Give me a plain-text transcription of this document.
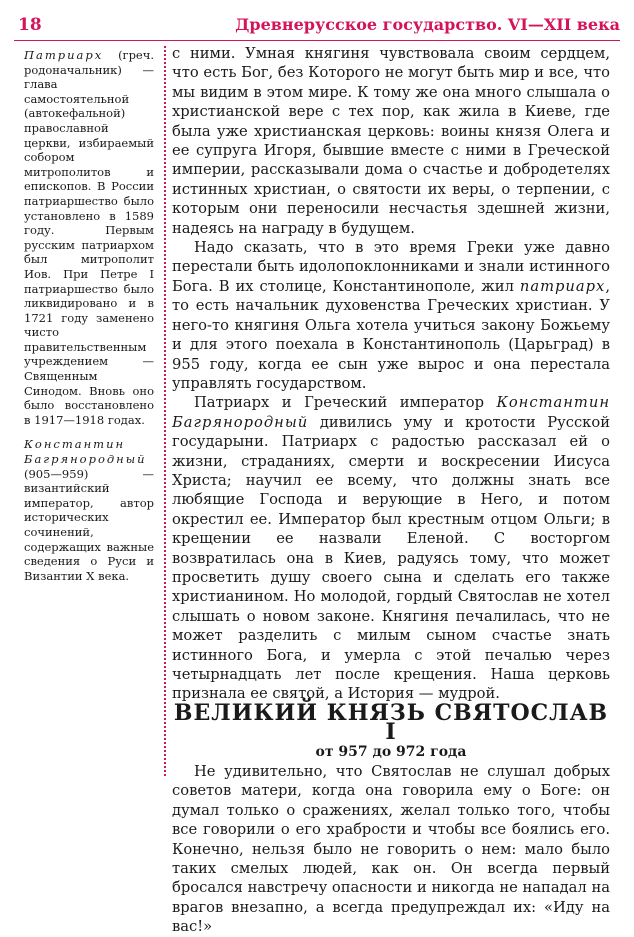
18	Древнерусское государство. VI—XII века

Патриарх (греч. родоначальник) — глава самостоятельной (автокефальной) православной церкви, избираемый собором митрополитов и епископов. В России патриаршество было установлено в 1589 году. Первым русским патриархом был митрополит Иов. При Петре I патриаршество было ликвидировано и в 1721 году заменено чисто правительственным учреждением — Священным Синодом. Вновь оно было восстановлено в 1917—1918 годах.

Константин Багрянородный (905—959) — византийский император, автор исторических сочинений, содержащих важные сведения о Руси и Византии X века.

с ними. Умная княгиня чувствовала своим сердцем, что есть Бог, без Которого не могут быть мир и все, что мы видим в этом мире. К тому же она много слышала о христианской вере с тех пор, как жила в Киеве, где была уже христианская церковь: воины князя Олега и ее супруга Игоря, бывшие вместе с ними в Греческой империи, рассказывали дома о счастье и добродетелях истинных христиан, о святости их веры, о терпении, с которым они переносили несчастья здешней жизни, надеясь на награду в будущем.

Надо сказать, что в это время Греки уже давно перестали быть идолопоклонниками и знали истинного Бога. В их столице, Константинополе, жил патриарх, то есть начальник духовенства Греческих христиан. У него-то княгиня Ольга хотела учиться закону Божьему и для этого поехала в Константинополь (Царьград) в 955 году, когда ее сын уже вырос и она перестала управлять государством.

Патриарх и Греческий император Константин Багрянородный дивились уму и кротости Русской государыни. Патриарх с радостью рассказал ей о жизни, страданиях, смерти и воскресении Иисуса Христа; научил ее всему, что должны знать все любящие Господа и верующие в Него, и потом окрестил ее. Император был крестным отцом Ольги; в крещении ее назвали Еленой. С восторгом возвратилась она в Киев, радуясь тому, что может просветить душу своего сына и сделать его также христианином. Но молодой, гордый Святослав не хотел слышать о новом законе. Княгиня печалилась, что не может разделить с милым сыном счастье знать истинного Бога, и умерла с этой печалью через четырнадцать лет после крещения. Наша церковь признала ее святой, а История — мудрой.

ВЕЛИКИЙ КНЯЗЬ СВЯТОСЛАВ I

от 957 до 972 года

Не удивительно, что Святослав не слушал добрых советов матери, когда она говорила ему о Боге: он думал только о сражениях, желал только того, чтобы все говорили о его храбрости и чтобы все боялись его. Конечно, нельзя было не говорить о нем: мало было таких смелых людей, как он. Он всегда первый бросался навстречу опасности и никогда не нападал на врагов внезапно, а всегда предупреждал их: «Иду на вас!»
